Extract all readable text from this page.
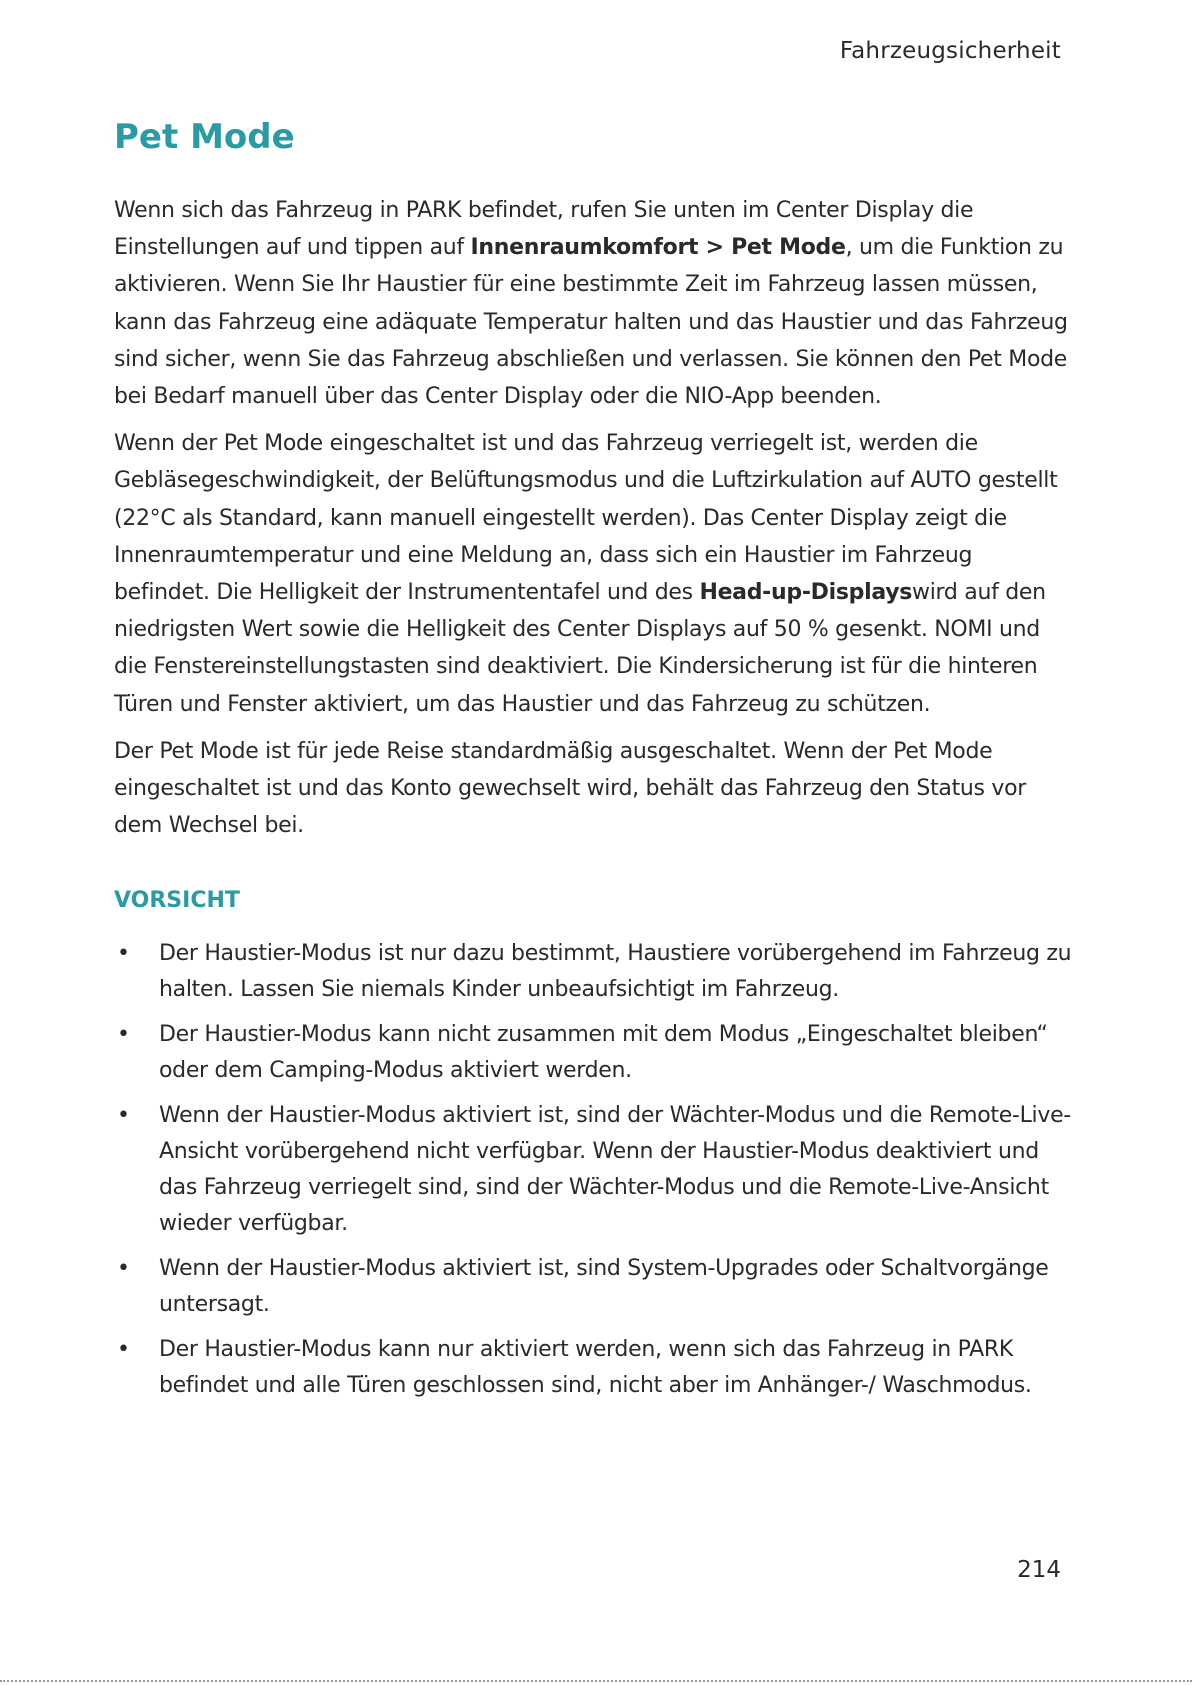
Fahrzeugsicherheit
Pet Mode

Wenn sich das Fahrzeug in PARK befindet, rufen Sie unten im Center Display die Einstellungen auf und tippen auf Innenraumkomfort > Pet Mode, um die Funktion zu aktivieren. Wenn Sie Ihr Haustier für eine bestimmte Zeit im Fahrzeug lassen müssen, kann das Fahrzeug eine adäquate Temperatur halten und das Haustier und das Fahrzeug sind sicher, wenn Sie das Fahrzeug abschließen und verlassen. Sie können den Pet Mode bei Bedarf manuell über das Center Display oder die NIO-App beenden.

Wenn der Pet Mode eingeschaltet ist und das Fahrzeug verriegelt ist, werden die Gebläsegeschwindigkeit, der Belüftungsmodus und die Luftzirkulation auf AUTO gestellt (22°C als Standard, kann manuell eingestellt werden). Das Center Display zeigt die Innenraumtemperatur und eine Meldung an, dass sich ein Haustier im Fahrzeug befindet. Die Helligkeit der Instrumententafel und des Head-up-Displayswird auf den niedrigsten Wert sowie die Helligkeit des Center Displays auf 50 % gesenkt. NOMI und die Fenstereinstellungstasten sind deaktiviert. Die Kindersicherung ist für die hinteren Türen und Fenster aktiviert, um das Haustier und das Fahrzeug zu schützen.

Der Pet Mode ist für jede Reise standardmäßig ausgeschaltet. Wenn der Pet Mode eingeschaltet ist und das Konto gewechselt wird, behält das Fahrzeug den Status vor dem Wechsel bei.

VORSICHT
• Der Haustier-Modus ist nur dazu bestimmt, Haustiere vorübergehend im Fahrzeug zu halten. Lassen Sie niemals Kinder unbeaufsichtigt im Fahrzeug.
• Der Haustier-Modus kann nicht zusammen mit dem Modus „Eingeschaltet bleiben“ oder dem Camping-Modus aktiviert werden.
• Wenn der Haustier-Modus aktiviert ist, sind der Wächter-Modus und die Remote-Live-Ansicht vorübergehend nicht verfügbar. Wenn der Haustier-Modus deaktiviert und das Fahrzeug verriegelt sind, sind der Wächter-Modus und die Remote-Live-Ansicht wieder verfügbar.
• Wenn der Haustier-Modus aktiviert ist, sind System-Upgrades oder Schaltvorgänge untersagt.
• Der Haustier-Modus kann nur aktiviert werden, wenn sich das Fahrzeug in PARK befindet und alle Türen geschlossen sind, nicht aber im Anhänger-/ Waschmodus.
214
